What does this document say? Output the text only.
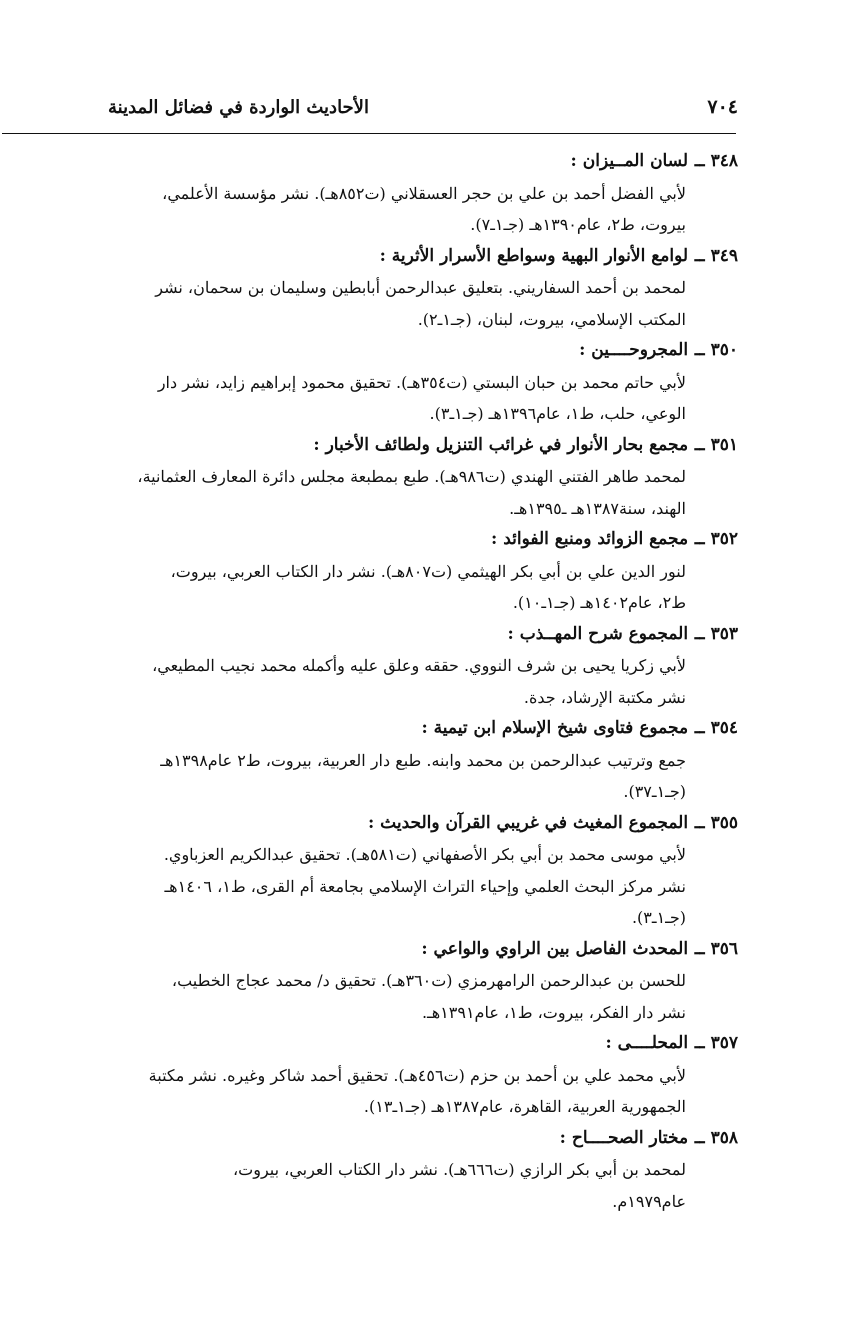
٧٠٤
الأحاديث الواردة في فضائل المدينة
٣٤٨ ــ لسان المــيزان :
لأبي الفضل أحمد بن علي بن حجر العسقلاني (ت٨٥٢هـ). نشر مؤسسة الأعلمي،
بيروت، ط٢، عام١٣٩٠هـ (جـ١ـ٧).
٣٤٩ ــ لوامع الأنوار البهية وسواطع الأسرار الأثرية :
لمحمد بن أحمد السفاريني. بتعليق عبدالرحمن أبابطين وسليمان بن سحمان، نشر
المكتب الإسلامي، بيروت، لبنان، (جـ١ـ٢).
٣٥٠ ــ المجروحــــين :
لأبي حاتم محمد بن حبان البستي (ت٣٥٤هـ). تحقيق محمود إبراهيم زايد، نشر دار
الوعي، حلب، ط١، عام١٣٩٦هـ (جـ١ـ٣).
٣٥١ ــ مجمع بحار الأنوار في غرائب التنزيل ولطائف الأخبار :
لمحمد طاهر الفتني الهندي (ت٩٨٦هـ). طبع بمطبعة مجلس دائرة المعارف العثمانية،
الهند، سنة١٣٨٧هـ ـ١٣٩٥هـ.
٣٥٢ ــ مجمع الزوائد ومنبع الفوائد :
لنور الدين علي بن أبي بكر الهيثمي (ت٨٠٧هـ). نشر دار الكتاب العربي، بيروت،
ط٢، عام١٤٠٢هـ (جـ١ـ١٠).
٣٥٣ ــ المجموع شرح المهــذب :
لأبي زكريا يحيى بن شرف النووي. حققه وعلق عليه وأكمله محمد نجيب المطيعي،
نشر مكتبة الإرشاد، جدة.
٣٥٤ ــ مجموع فتاوى شيخ الإسلام ابن تيمية :
جمع وترتيب عبدالرحمن بن محمد وابنه. طبع دار العربية، بيروت، ط٢ عام١٣٩٨هـ
(جـ١ـ٣٧).
٣٥٥ ــ المجموع المغيث في غريبي القرآن والحديث :
لأبي موسى محمد بن أبي بكر الأصفهاني (ت٥٨١هـ). تحقيق عبدالكريم العزباوي.
نشر مركز البحث العلمي وإحياء التراث الإسلامي بجامعة أم القرى، ط١، ١٤٠٦هـ
(جـ١ـ٣).
٣٥٦ ــ المحدث الفاصل بين الراوي والواعي :
للحسن بن عبدالرحمن الرامهرمزي (ت٣٦٠هـ). تحقيق د/ محمد عجاج الخطيب،
نشر دار الفكر، بيروت، ط١، عام١٣٩١هـ.
٣٥٧ ــ المحلــــى :
لأبي محمد علي بن أحمد بن حزم (ت٤٥٦هـ). تحقيق أحمد شاكر وغيره. نشر مكتبة
الجمهورية العربية، القاهرة، عام١٣٨٧هـ (جـ١ـ١٣).
٣٥٨ ــ مختار الصحــــاح :
لمحمد بن أبي بكر الرازي (ت٦٦٦هـ). نشر دار الكتاب العربي، بيروت،
عام١٩٧٩م.
